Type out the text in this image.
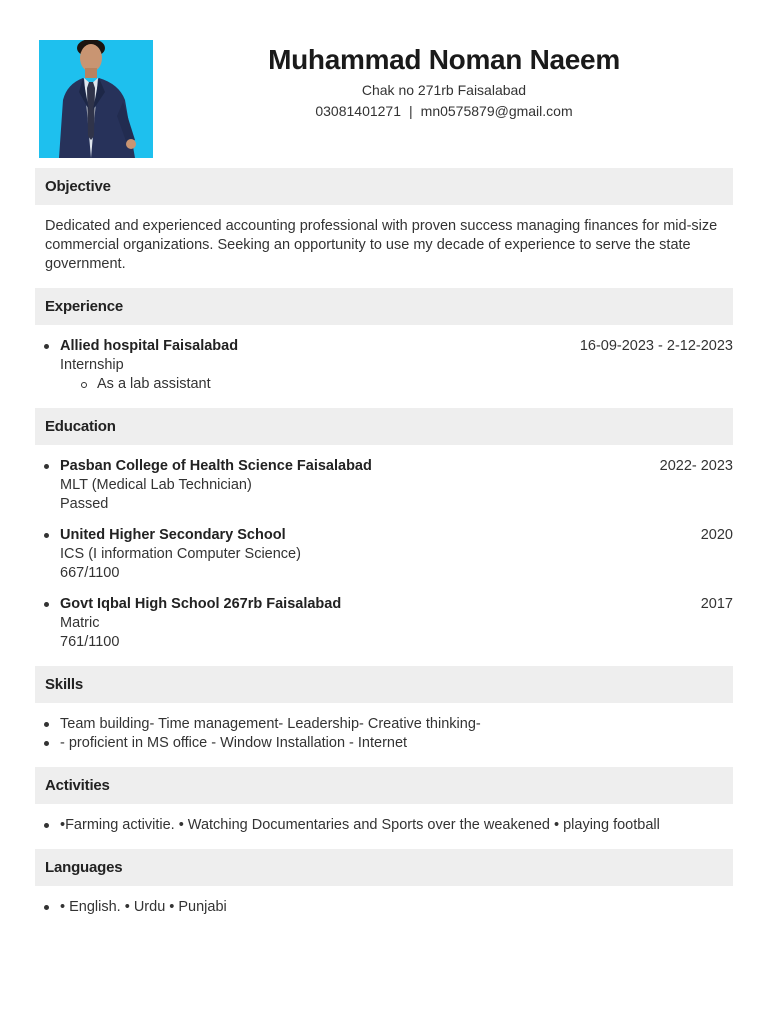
Muhammad Noman Naeem
Chak no 271rb Faisalabad
03081401271 | mn0575879@gmail.com
Objective
Dedicated and experienced accounting professional with proven success managing finances for mid-size commercial organizations. Seeking an opportunity to use my decade of experience to serve the state government.
Experience
Allied hospital Faisalabad	16-09-2023 - 2-12-2023
Internship
As a lab assistant
Education
Pasban College of Health Science Faisalabad	2022- 2023
MLT (Medical Lab Technician)
Passed
United Higher Secondary School	2020
ICS (I information Computer Science)
667/1100
Govt Iqbal High School 267rb Faisalabad	2017
Matric
761/1100
Skills
Team building- Time management- Leadership- Creative thinking-
- proficient in MS office - Window Installation - Internet
Activities
•Farming activitie. • Watching Documentaries and Sports over the weakened • playing football
Languages
• English. • Urdu • Punjabi
